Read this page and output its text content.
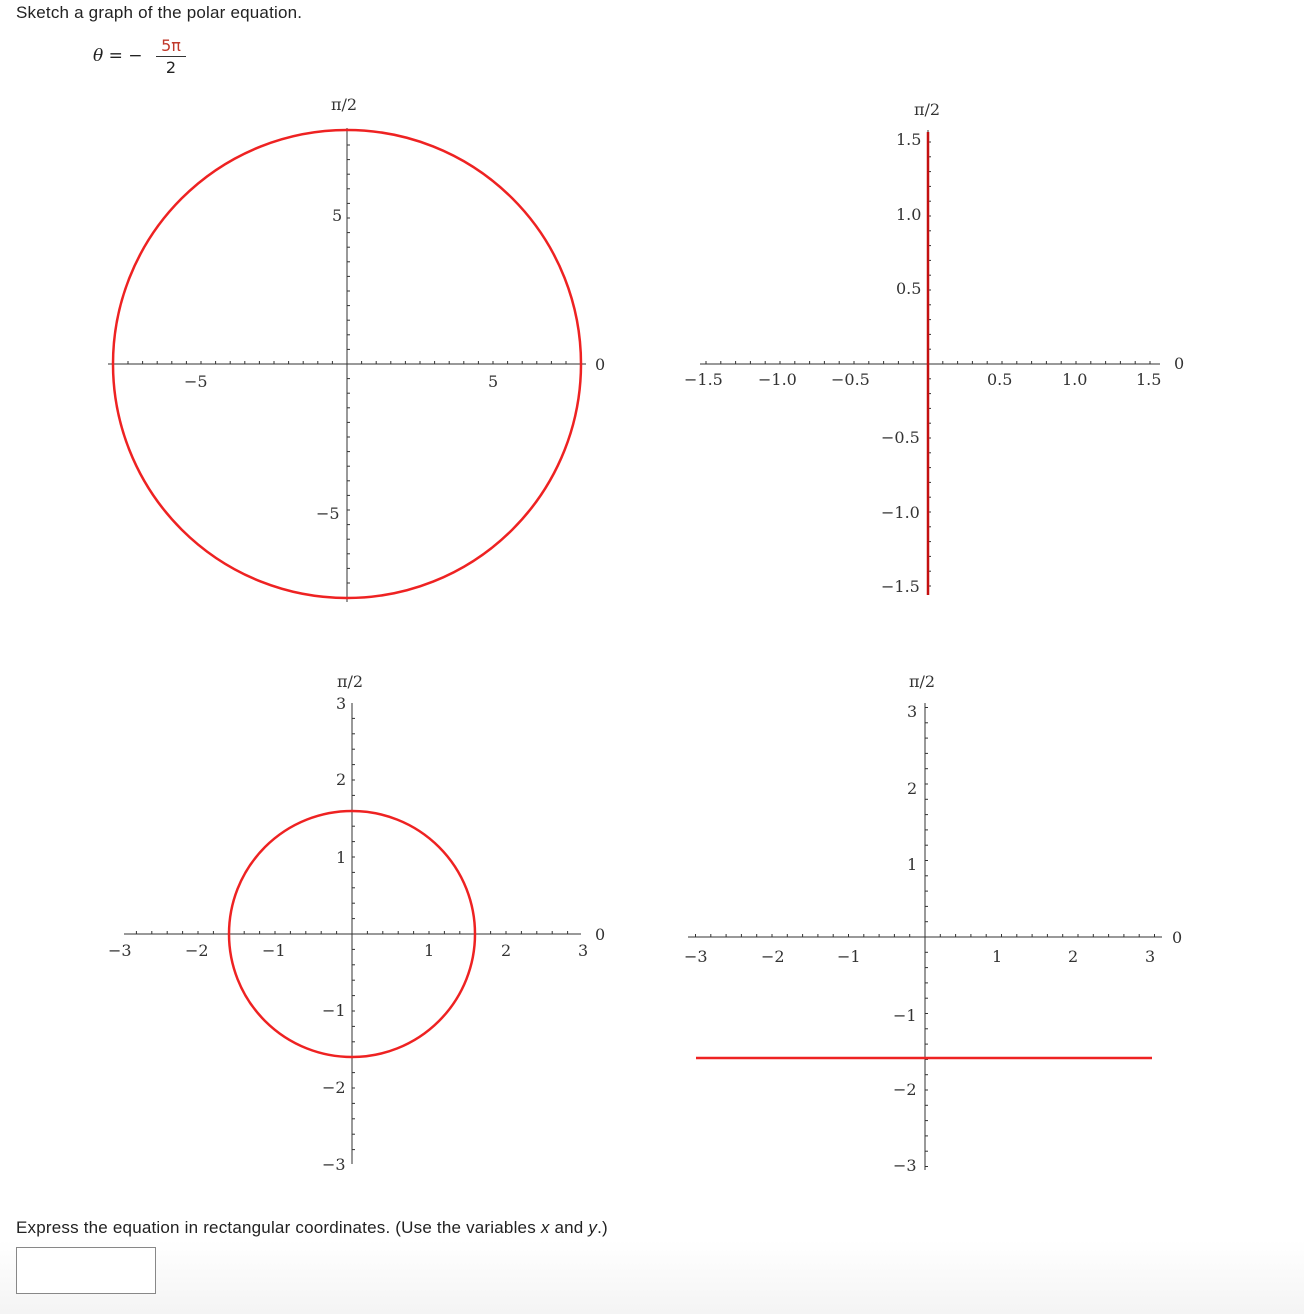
Sketch a graph of the polar equation.
θ = −
5π
2
π/2
0
−5	5
5
−5
π/2
0
−1.5 −1.0 −0.5	0.5	1.0	1.5
1.5
1.0
0.5
−0.5
−1.0
−1.5
π/2
0
−3	−2	−1	1	2	3
3
2
1
−1
−2
−3
π/2
0
−3	−2	−1	1	2	3
3
2
1
−1
−2
−3
Express the equation in rectangular coordinates. (Use the variables x and y.)
